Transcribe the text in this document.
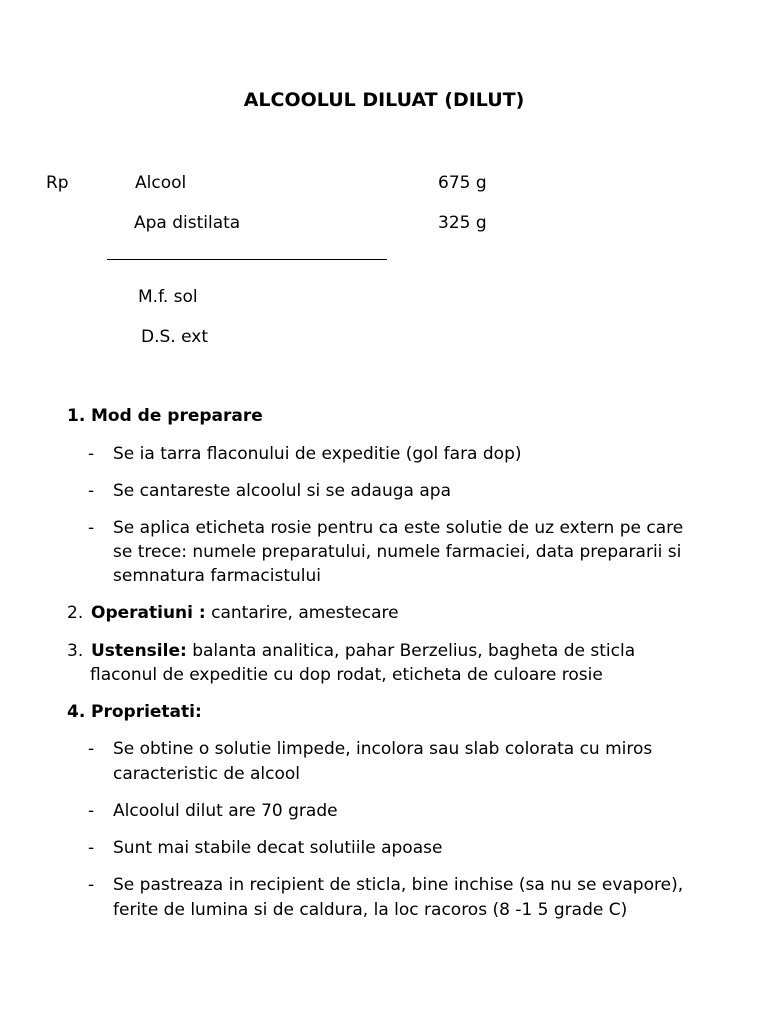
ALCOOLUL DILUAT (DILUT)
Rp	Alcool	675 g
Apa distilata	325 g
M.f. sol
D.S. ext
1. Mod de preparare
- Se ia tarra flaconului de expeditie (gol fara dop)
- Se cantareste alcoolul si se adauga apa
- Se aplica eticheta rosie pentru ca este solutie de uz extern pe care
se trece: numele preparatului, numele farmaciei, data prepararii si
semnatura farmacistului
2. Operatiuni : cantarire, amestecare
3. Ustensile: balanta analitica, pahar Berzelius, bagheta de sticla
flaconul de expeditie cu dop rodat, eticheta de culoare rosie
4. Proprietati:
- Se obtine o solutie limpede, incolora sau slab colorata cu miros
caracteristic de alcool
- Alcoolul dilut are 70 grade
- Sunt mai stabile decat solutiile apoase
- Se pastreaza in recipient de sticla, bine inchise (sa nu se evapore),
ferite de lumina si de caldura, la loc racoros (8 -1 5 grade C)
